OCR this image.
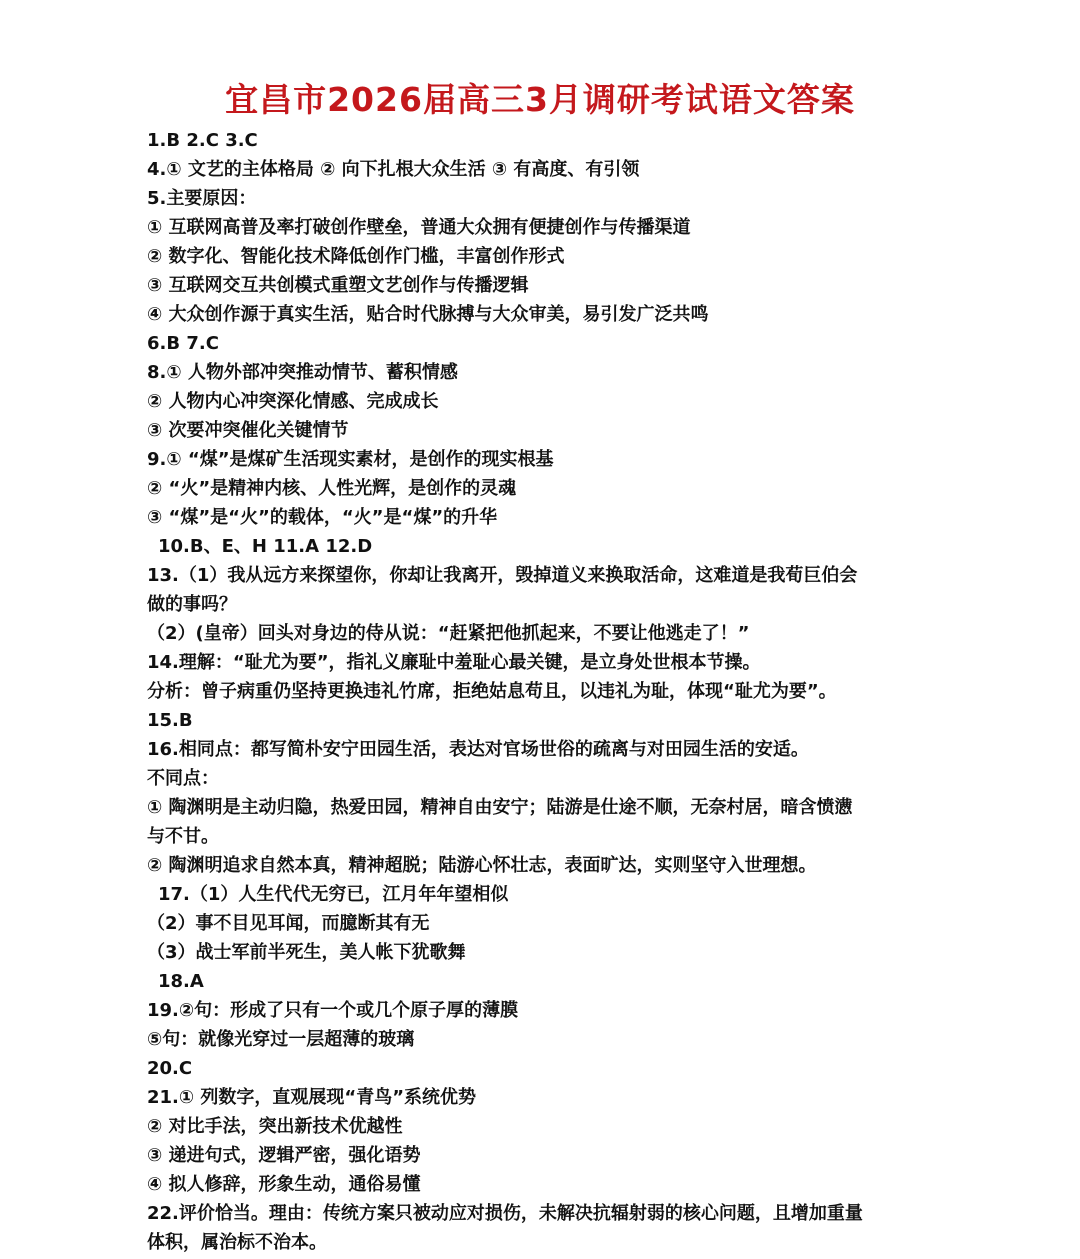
宜昌市2026届高三3月调研考试语文答案
1.B 2.C 3.C
4.① 文艺的主体格局 ② 向下扎根大众生活 ③ 有高度、有引领
5.主要原因：
① 互联网高普及率打破创作壁垒，普通大众拥有便捷创作与传播渠道
② 数字化、智能化技术降低创作门槛，丰富创作形式
③ 互联网交互共创模式重塑文艺创作与传播逻辑
④ 大众创作源于真实生活，贴合时代脉搏与大众审美，易引发广泛共鸣
6.B 7.C
8.① 人物外部冲突推动情节、蓄积情感
② 人物内心冲突深化情感、完成成长
③ 次要冲突催化关键情节
9.① “煤”是煤矿生活现实素材，是创作的现实根基
② “火”是精神内核、人性光辉，是创作的灵魂
③ “煤”是“火”的载体，“火”是“煤”的升华
10.B、E、H 11.A 12.D
13.（1）我从远方来探望你，你却让我离开，毁掉道义来换取活命，这难道是我荀巨伯会
做的事吗？
（2）(皇帝）回头对身边的侍从说：“赶紧把他抓起来，不要让他逃走了！”
14.理解：“耻尤为要”，指礼义廉耻中羞耻心最关键，是立身处世根本节操。
分析：曾子病重仍坚持更换违礼竹席，拒绝姑息苟且，以违礼为耻，体现“耻尤为要”。
15.B
16.相同点：都写简朴安宁田园生活，表达对官场世俗的疏离与对田园生活的安适。
不同点：
① 陶渊明是主动归隐，热爱田园，精神自由安宁；陆游是仕途不顺，无奈村居，暗含愤懑
与不甘。
② 陶渊明追求自然本真，精神超脱；陆游心怀壮志，表面旷达，实则坚守入世理想。
17.（1）人生代代无穷已，江月年年望相似
（2）事不目见耳闻，而臆断其有无
（3）战士军前半死生，美人帐下犹歌舞
18.A
19.②句：形成了只有一个或几个原子厚的薄膜
⑤句：就像光穿过一层超薄的玻璃
20.C
21.① 列数字，直观展现“青鸟”系统优势
② 对比手法，突出新技术优越性
③ 递进句式，逻辑严密，强化语势
④ 拟人修辞，形象生动，通俗易懂
22.评价恰当。理由：传统方案只被动应对损伤，未解决抗辐射弱的核心问题，且增加重量
体积，属治标不治本。
